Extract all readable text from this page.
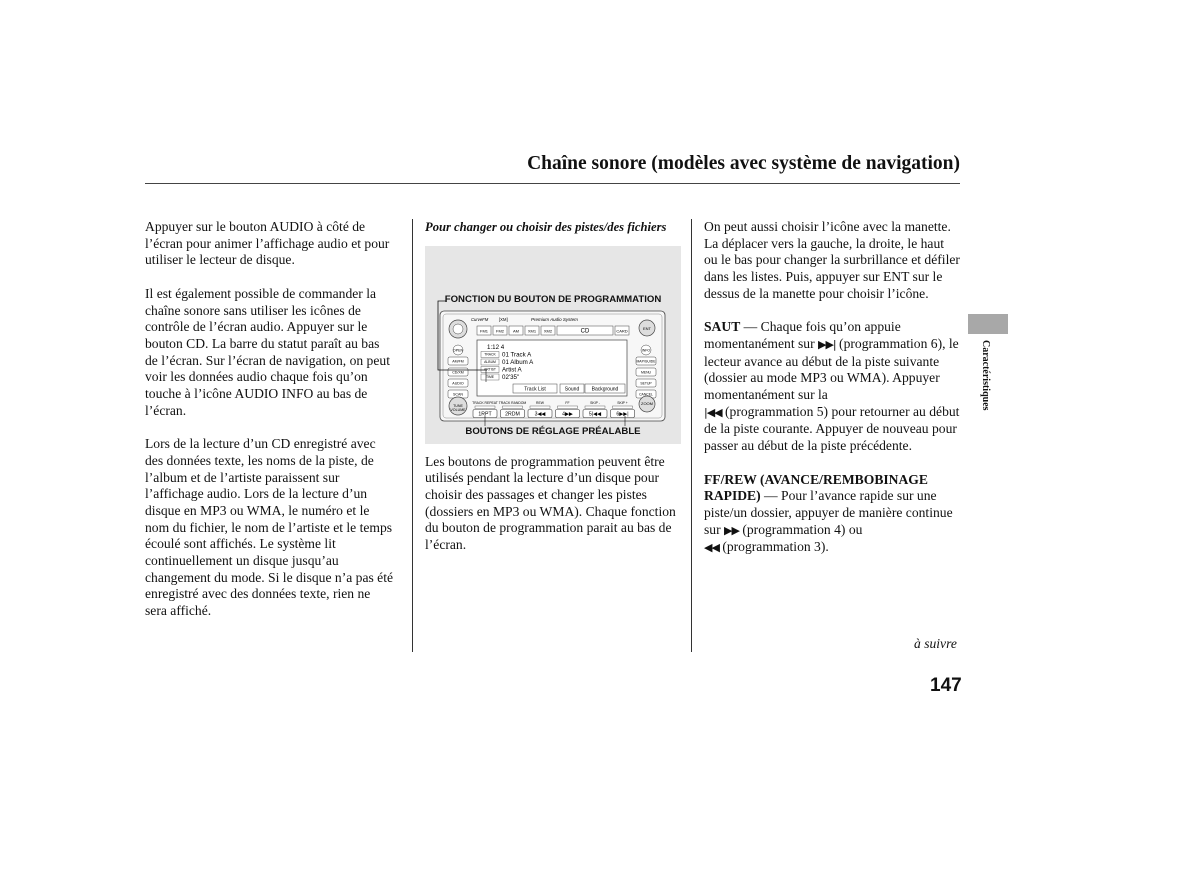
Chaîne sonore (modèles avec système de navigation)

Appuyer sur le bouton AUDIO à côté de l’écran pour animer l’affichage audio et pour utiliser le lecteur de disque.

Il est également possible de commander la chaîne sonore sans utiliser les icônes de contrôle de l’écran audio. Appuyer sur le bouton CD. La barre du statut paraît au bas de l’écran. Sur l’écran de navigation, on peut voir les données audio chaque fois qu’on touche à l’icône AUDIO INFO au bas de l’écran.

Lors de la lecture d’un CD enregistré avec des données texte, les noms de la piste, de l’album et de l’artiste paraissent sur l’affichage audio. Lors de la lecture d’un disque en MP3 ou WMA, le numéro et le nom du fichier, le nom de l’artiste et le temps écoulé sont affichés. Le système lit continuellement un disque jusqu’au changement du mode. Si le disque n’a pas été enregistré avec des données texte, rien ne sera affiché.

Pour changer ou choisir des pistes/des fichiers
FONCTION DU BOUTON DE PROGRAMMATION
ENT
CurveFM	[XM]	Premium Audio System
FM1 FM2 AM XM1 XM2	CD	CARD
OPEN
AM/FM
CD/XM
AUDIO
SCAN
INFO
MAP/GUIDE
MENU
SETUP
CANCEL
1:12 4
TRACK 01 Track A
ALBUM 01 Album A
ARTIST Artist A
TIME 02'35"
Track List	Sound Background
TRACK REPEAT TRACK RANDOM	REW	FF	SKIP -	SKIP +
1RPT	2RDM	3◀◀	4▶▶	5|◀◀	6▶▶|
TUNE
VOLUME
ZOOM
BOUTONS DE RÉGLAGE PRÉALABLE

Les boutons de programmation peuvent être utilisés pendant la lecture d’un disque pour choisir des passages et changer les pistes (dossiers en MP3 ou WMA). Chaque fonction du bouton de programmation parait au bas de l’écran.

On peut aussi choisir l’icône avec la manette. La déplacer vers la gauche, la droite, le haut ou le bas pour changer la surbrillance et défiler dans les listes. Puis, appuyer sur ENT sur le dessus de la manette pour choisir l’icône.

SAUT — Chaque fois qu’on appuie momentanément sur ▶▶| (programmation 6), le lecteur avance au début de la piste suivante (dossier au mode MP3 ou WMA). Appuyer momentanément sur la
|◀◀ (programmation 5) pour retourner au début de la piste courante. Appuyer de nouveau pour passer au début de la piste précédente.

FF/REW (AVANCE/REMBOBINAGE RAPIDE) — Pour l’avance rapide sur une piste/un dossier, appuyer de manière continue sur ▶▶ (programmation 4) ou
◀◀ (programmation 3).

à suivre
147
Caractéristiques
